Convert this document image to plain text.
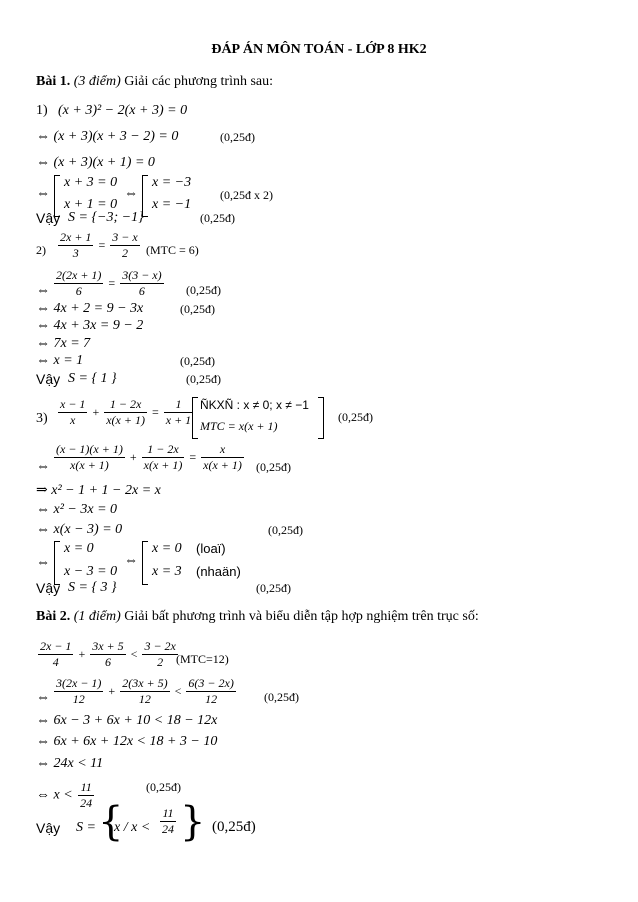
ĐÁP ÁN MÔN TOÁN - LỚP 8 HK2
Bài 1. (3 điểm) Giải các phương trình sau:
1) (x + 3)² − 2(x + 3) = 0
⇔ (x + 3)(x + 3 − 2) = 0	(0,25đ)
⇔ (x + 3)(x + 1) = 0
⇔
x + 3 = 0
x + 1 = 0
⇔
x = −3
x = −1
(0,25đ x 2)
Vậy S = {−3; −1}	(0,25đ)
$2) \frac{2x + 1}{3} = \frac{3 - x}{2} (MTC = 6)$
⇔ $\frac{2(2x + 1)}{6} = \frac{3(3 - x)}{6}$ (0,25đ)
⇔ 4x + 2 = 9 − 3x	(0,25đ)
⇔ 4x + 3x = 9 − 2
⇔ 7x = 7
⇔ x = 1	(0,25đ)
Vậy S = { 1 }	(0,25đ)
$3) \frac{x - 1}{x} + \frac{1 - 2x}{x(x + 1)} = \frac{1}{x + 1}$ ÑKXÑ : x ≠ 0; x ≠ −1
MTC = x(x + 1)
(0,25đ)
⇔ $\frac{(x - 1)(x + 1)}{x(x + 1)} + \frac{1 - 2x}{x(x + 1)} = \frac{x}{x(x + 1)}$ (0,25đ)
⇒ x² − 1 + 1 − 2x = x
⇔ x² − 3x = 0
⇔ x(x − 3) = 0	(0,25đ)
⇔
x = 0
x − 3 = 0
⇔
x = 0
x = 3
(loaï)
(nhaän)
Vậy S = { 3 }	(0,25đ)
Bài 2. (1 điểm) Giải bất phương trình và biểu diễn tập hợp nghiệm trên trục số:
$\frac{2x - 1}{4} + \frac{3x + 5}{6} < \frac{3 - 2x}{2}$
(MTC=12)
⇔ $\frac{3(2x - 1)}{12} + \frac{2(3x + 5)}{12} < \frac{6(3 - 2x)}{12}$ (0,25đ)
⇔ 6x − 3 + 6x + 10 < 18 − 12x
⇔ 6x + 6x + 12x < 18 + 3 − 10
⇔ 24x < 11
⇔ $x < \frac{11}{24}$	(0,25đ)
Vậy S = {
$x / x < \frac{11}{24}$ } (0,25đ)
